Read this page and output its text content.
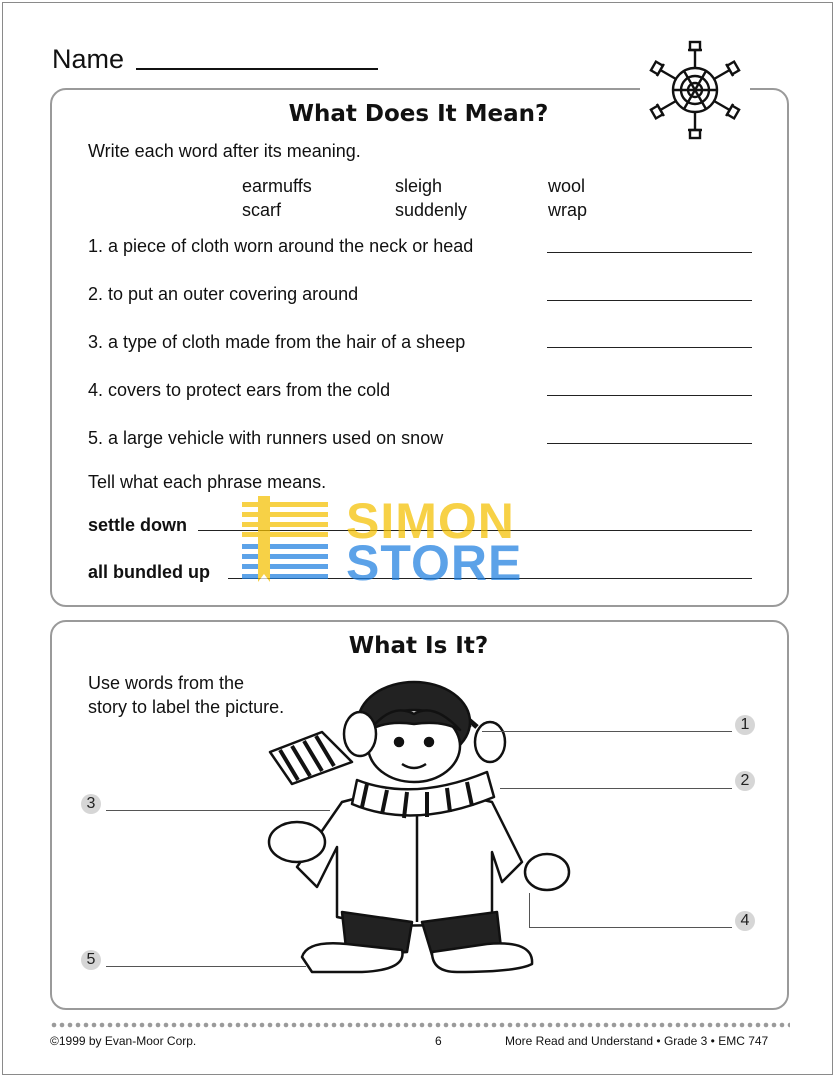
Name
What Does It Mean?
Write each word after its meaning.
earmuffs	sleigh	wool
scarf	suddenly	wrap
1. a piece of cloth worn around the neck or head
2. to put an outer covering around
3. a type of cloth made from the hair of a sheep
4. covers to protect ears from the cold
5. a large vehicle with runners used on snow
Tell what each phrase means.
settle down
all bundled up
SIMON
STORE
What Is It?
Use words from the
story to label the picture.
1
2
3
4
5
©1999 by Evan-Moor Corp.	6	More Read and Understand • Grade 3 • EMC 747
